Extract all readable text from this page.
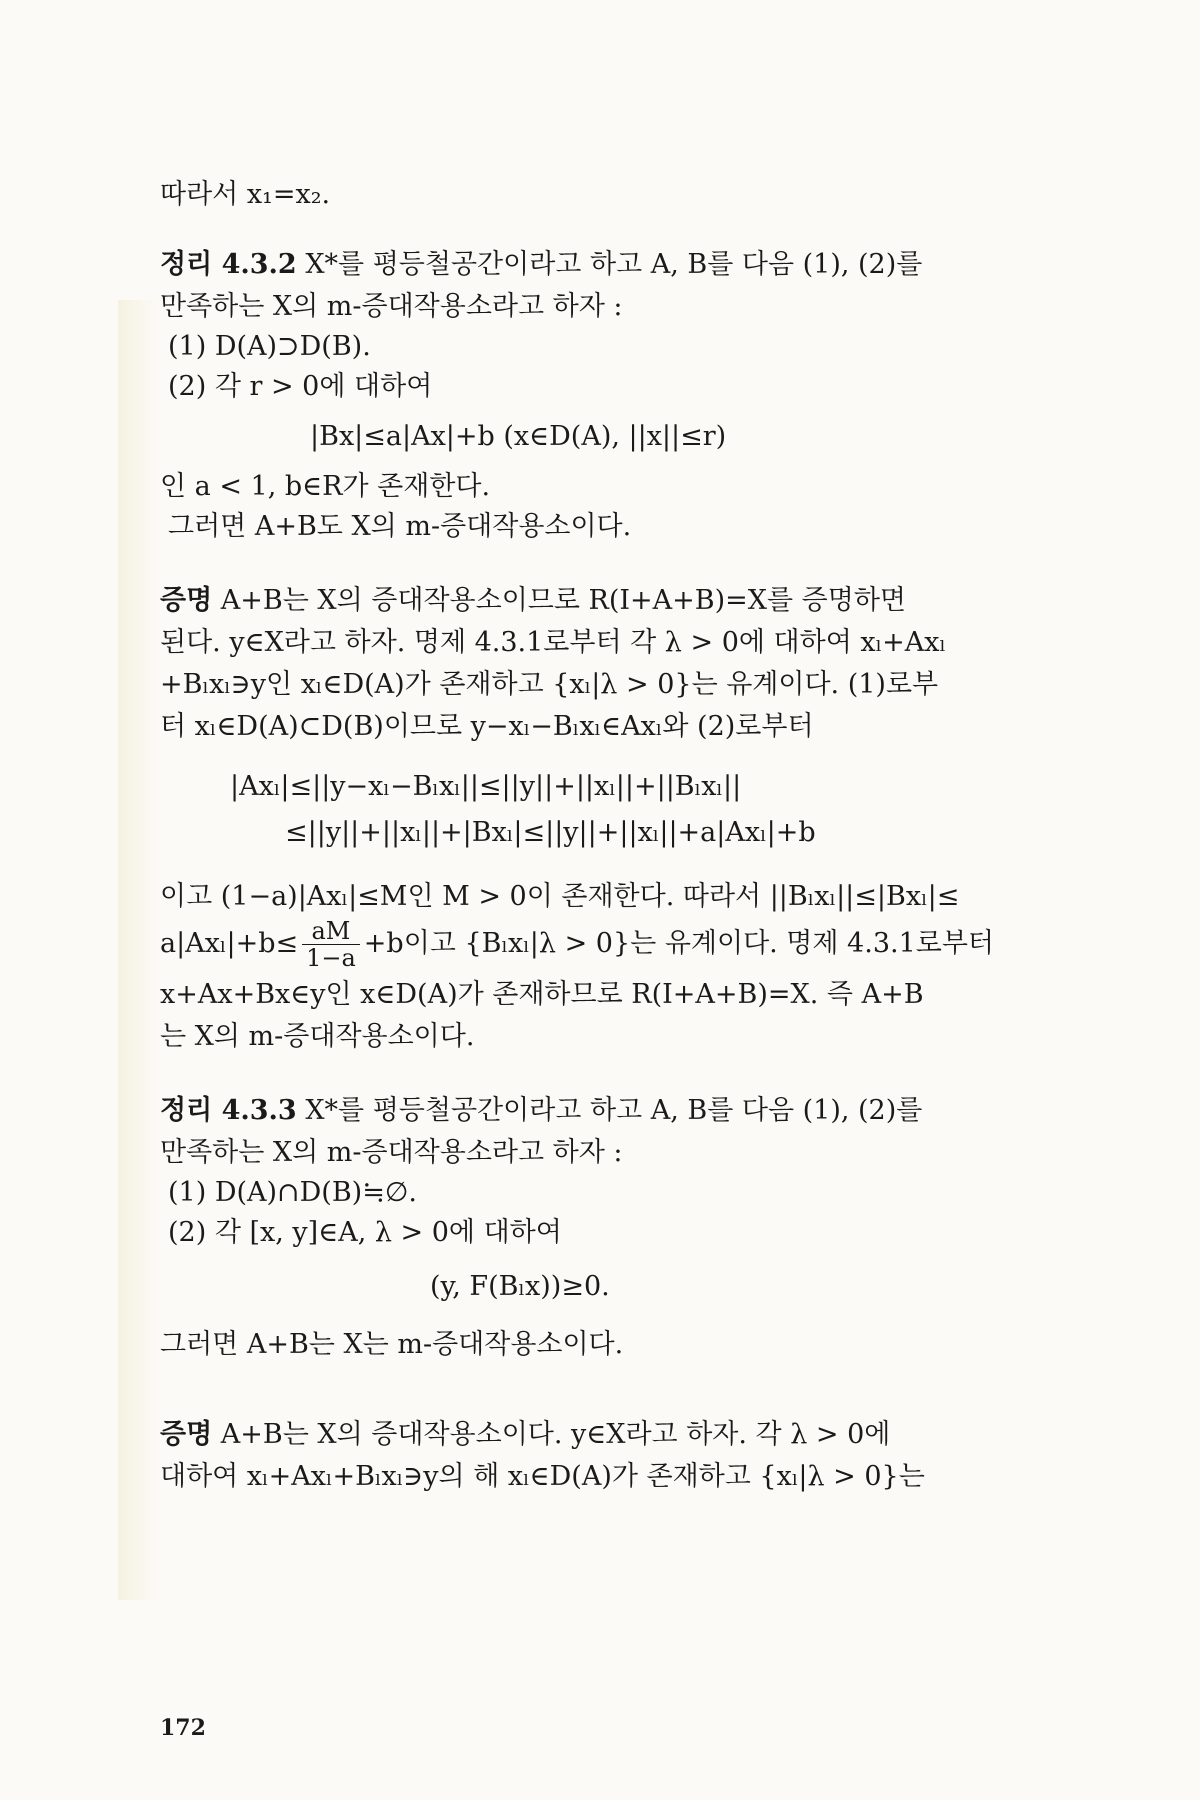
따라서 x₁=x₂.
정리 4.3.2 X*를 평등철공간이라고 하고 A, B를 다음 (1), (2)를
만족하는 X의 m-증대작용소라고 하자 :
(1) D(A)⊃D(B).
(2) 각 r > 0에 대하여
|Bx|≤a|Ax|+b (x∈D(A), ||x||≤r)
인 a < 1, b∈R가 존재한다.
그러면 A+B도 X의 m-증대작용소이다.
증명 A+B는 X의 증대작용소이므로 R(I+A+B)=X를 증명하면
된다. y∈X라고 하자. 명제 4.3.1로부터 각 λ > 0에 대하여 xₗ+Axₗ
+Bₗxₗ∋y인 xₗ∈D(A)가 존재하고 {xₗ|λ > 0}는 유계이다. (1)로부
터 xₗ∈D(A)⊂D(B)이므로 y−xₗ−Bₗxₗ∈Axₗ와 (2)로부터
|Axₗ|≤||y−xₗ−Bₗxₗ||≤||y||+||xₗ||+||Bₗxₗ||
≤||y||+||xₗ||+|Bxₗ|≤||y||+||xₗ||+a|Axₗ|+b
이고 (1−a)|Axₗ|≤M인 M > 0이 존재한다. 따라서 ||Bₗxₗ||≤|Bxₗ|≤
$a|Ax_l|+b\le \frac{aM}{1-a} +b$이고 {Bₗxₗ|λ > 0}는 유계이다. 명제 4.3.1로부터
x+Ax+Bx∈y인 x∈D(A)가 존재하므로 R(I+A+B)=X. 즉 A+B
는 X의 m-증대작용소이다.
정리 4.3.3 X*를 평등철공간이라고 하고 A, B를 다음 (1), (2)를
만족하는 X의 m-증대작용소라고 하자 :
(1) D(A)∩D(B)≒∅.
(2) 각 [x, y]∈A, λ > 0에 대하여
(y, F(Bₗx))≥0.
그러면 A+B는 X는 m-증대작용소이다.
증명 A+B는 X의 증대작용소이다. y∈X라고 하자. 각 λ > 0에
대하여 xₗ+Axₗ+Bₗxₗ∋y의 해 xₗ∈D(A)가 존재하고 {xₗ|λ > 0}는
172
